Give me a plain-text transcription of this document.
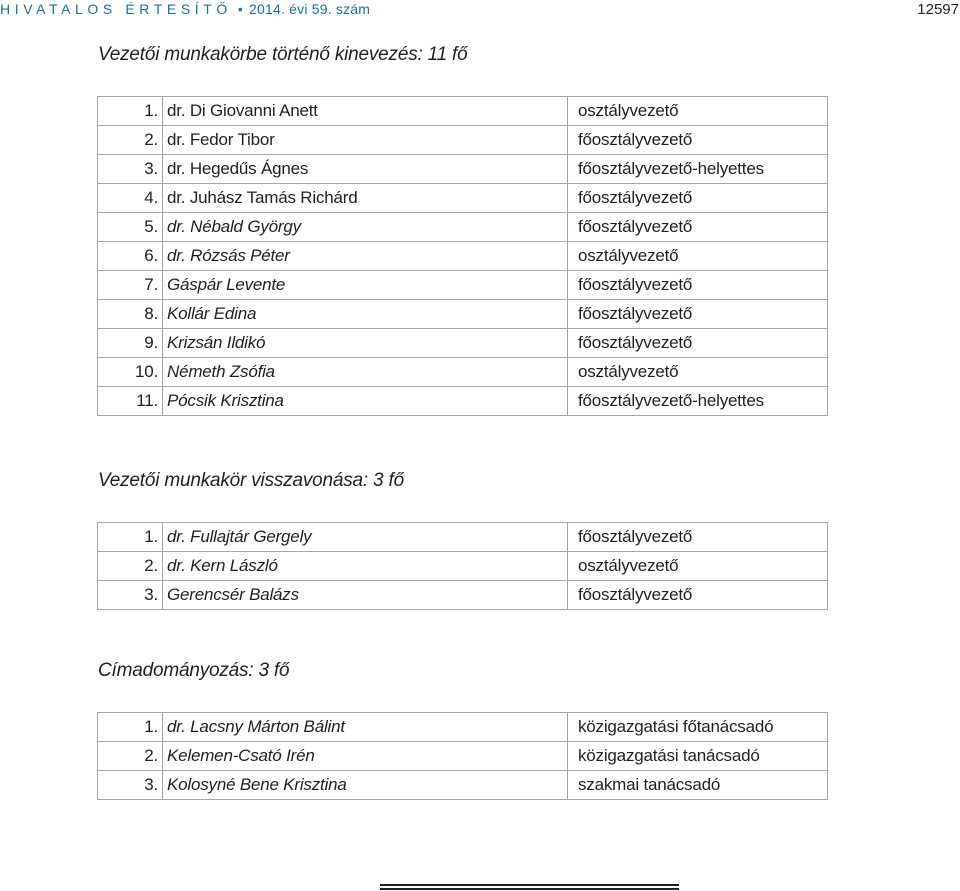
HIVATALOS ÉRTESÍTŐ • 2014. évi 59. szám	12597
Vezetői munkakörbe történő kinevezés: 11 fő
1.	dr. Di Giovanni Anett	osztályvezető
2.	dr. Fedor Tibor	főosztályvezető
3.	dr. Hegedűs Ágnes	főosztályvezető-helyettes
4.	dr. Juhász Tamás Richárd	főosztályvezető
5.	dr. Nébald György	főosztályvezető
6.	dr. Rózsás Péter	osztályvezető
7.	Gáspár Levente	főosztályvezető
8.	Kollár Edina	főosztályvezető
9.	Krizsán Ildikó	főosztályvezető
10.	Németh Zsófia	osztályvezető
11.	Pócsik Krisztina	főosztályvezető-helyettes
Vezetői munkakör visszavonása: 3 fő
1.	dr. Fullajtár Gergely	főosztályvezető
2.	dr. Kern László	osztályvezető
3.	Gerencsér Balázs	főosztályvezető
Címadományozás: 3 fő
1.	dr. Lacsny Márton Bálint	közigazgatási főtanácsadó
2.	Kelemen-Csató Irén	közigazgatási tanácsadó
3.	Kolosyné Bene Krisztina	szakmai tanácsadó
